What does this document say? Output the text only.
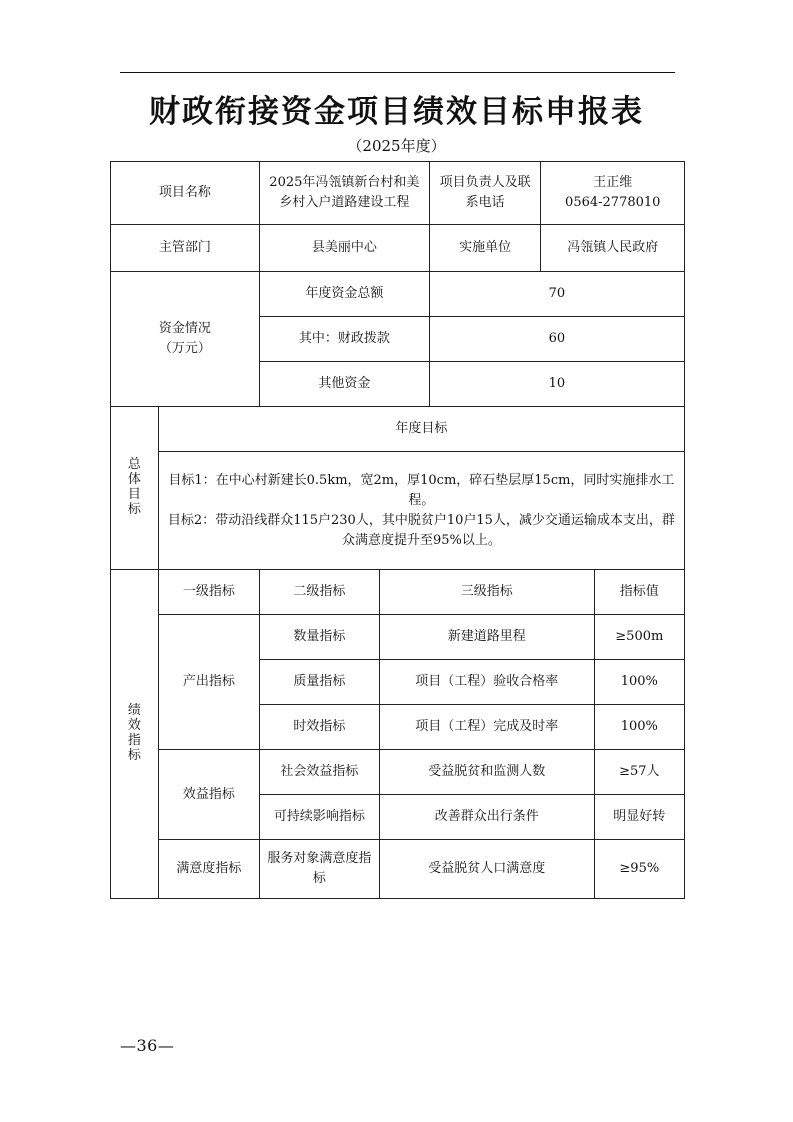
财政衔接资金项目绩效目标申报表
（2025年度）
项目名称		2025年冯瓴镇新台村和美乡村入户道路建设工程		项目负责人及联系电话	王正维
0564-2778010	

主管部门		县美丽中心		实施单位	冯瓴镇人民政府	

资金情况
（万元）		年度资金总额		70		
		其中：财政拨款		60		
		其他资金		10		
总体目标	年度目标					

	目标1：在中心村新建长0.5km，宽2m，厚10cm，碎石垫层厚15cm，同时实施排水工程。
目标2：带动沿线群众115户230人，其中脱贫户10户15人，减少交通运输成本支出，群众满意度提升至95%以上。					

绩效指标	一级指标	二级指标	三级指标			指标值
	产出指标	数量指标	新建道路里程			≥500m
		质量指标	项目（工程）验收合格率			100%
		时效指标	项目（工程）完成及时率			100%
	效益指标	社会效益指标	受益脱贫和监测人数			≥57人
		可持续影响指标	改善群众出行条件			明显好转
	满意度指标	服务对象满意度指标	受益脱贫人口满意度			≥95%
—36—
